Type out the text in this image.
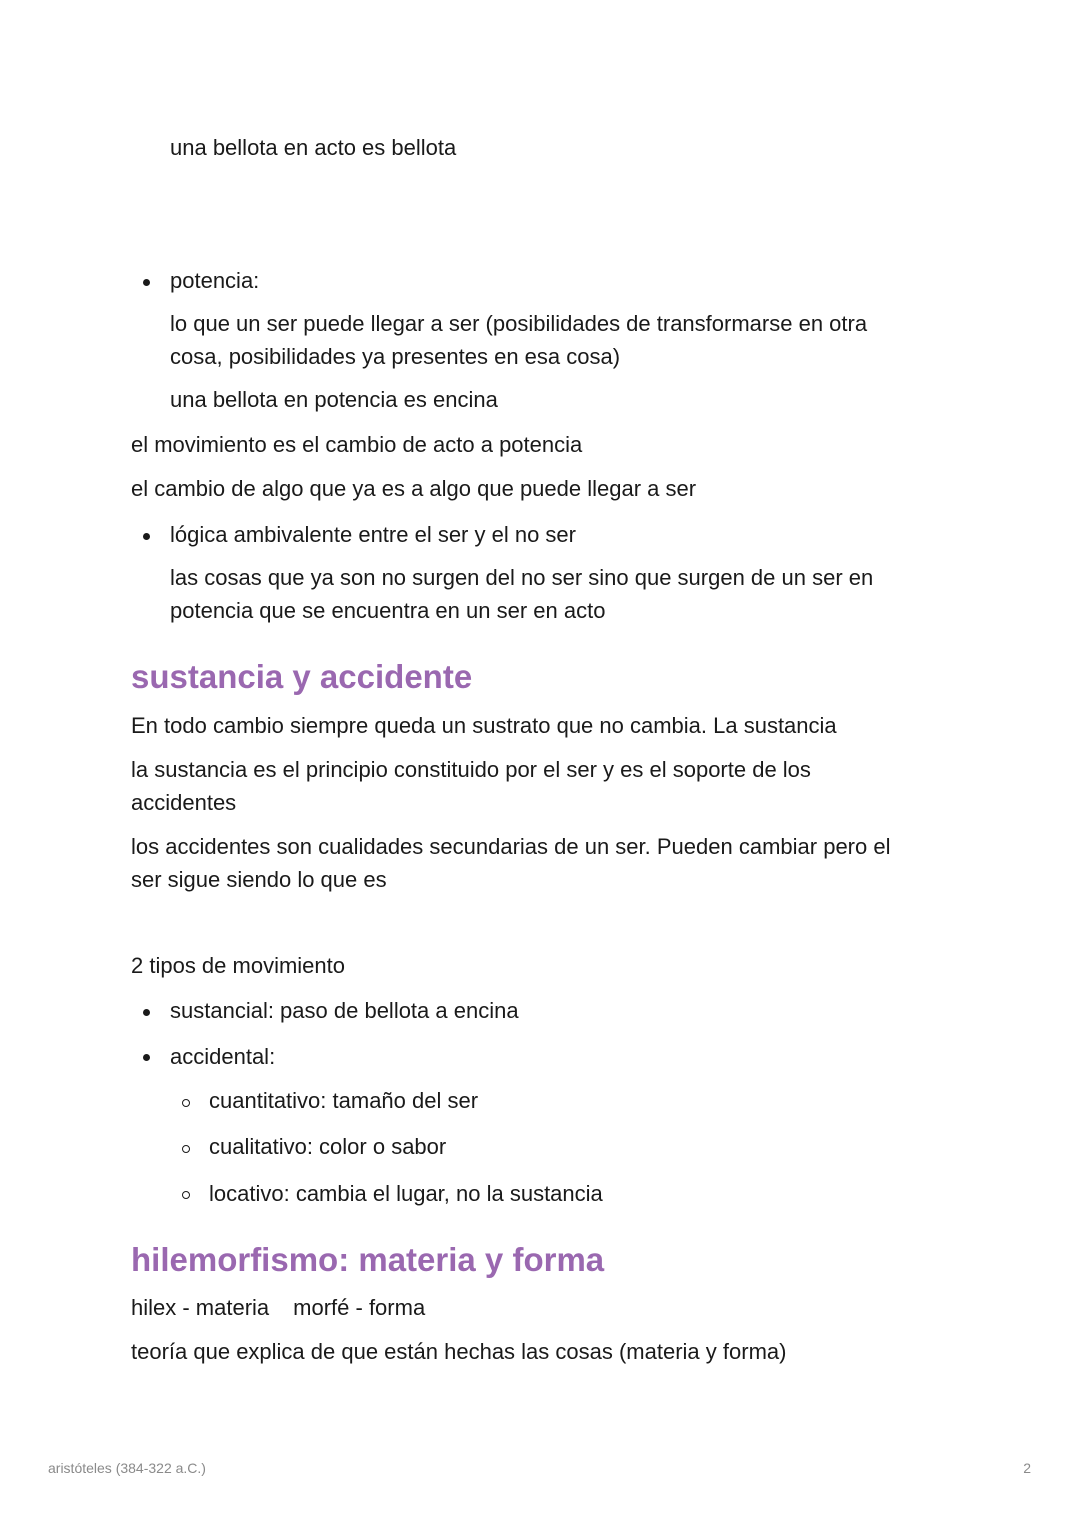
una bellota en acto es bellota
potencia:
lo que un ser puede llegar a ser (posibilidades de transformarse en otra
cosa, posibilidades ya presentes en esa cosa)
una bellota en potencia es encina
el movimiento es el cambio de acto a potencia
el cambio de algo que ya es a algo que puede llegar a ser
lógica ambivalente entre el ser y el no ser
las cosas que ya son no surgen del no ser sino que surgen de un ser en
potencia que se encuentra en un ser en acto
sustancia y accidente
En todo cambio siempre queda un sustrato que no cambia. La sustancia
la sustancia es el principio constituido por el ser y es el soporte de los
accidentes
los accidentes son cualidades secundarias de un ser. Pueden cambiar pero el
ser sigue siendo lo que es
2 tipos de movimiento
sustancial: paso de bellota a encina
accidental:
cuantitativo: tamaño del ser
cualitativo: color o sabor
locativo: cambia el lugar, no la sustancia
hilemorfismo: materia y forma
hilex - materia morfé - forma
teoría que explica de que están hechas las cosas (materia y forma)
aristóteles (384-322 a.C.)	2
